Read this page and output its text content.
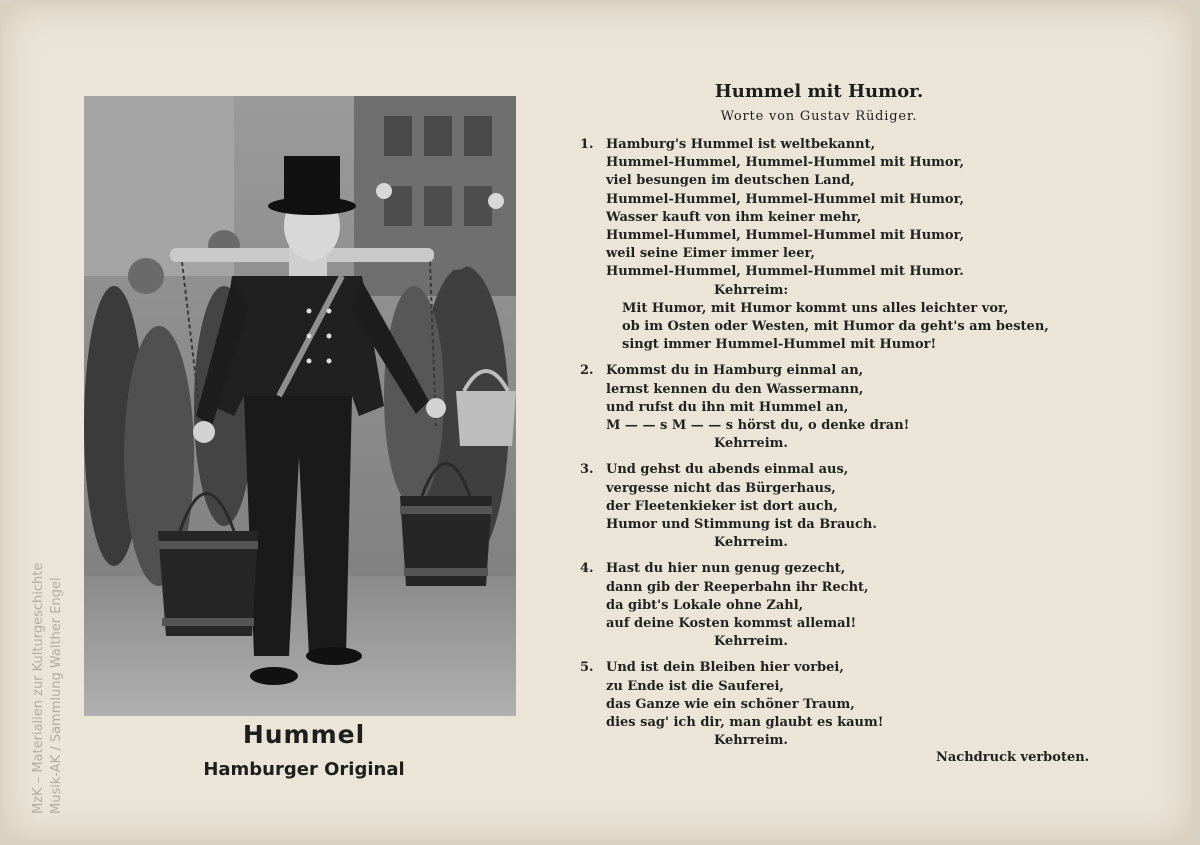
Hummel
Hamburger Original
MzK – Materialien zur Kulturgeschichte Musik-AK / Sammlung Walther Engel
Hummel mit Humor.
Worte von Gustav Rüdiger.
1. Hamburg's Hummel ist weltbekannt,
Hummel-Hummel, Hummel-Hummel mit Humor,
viel besungen im deutschen Land,
Hummel-Hummel, Hummel-Hummel mit Humor,
Wasser kauft von ihm keiner mehr,
Hummel-Hummel, Hummel-Hummel mit Humor,
weil seine Eimer immer leer,
Hummel-Hummel, Hummel-Hummel mit Humor.
Kehrreim:
Mit Humor, mit Humor kommt uns alles leichter vor,
ob im Osten oder Westen, mit Humor da geht's am besten,
singt immer Hummel-Hummel mit Humor!
2. Kommst du in Hamburg einmal an,
lernst kennen du den Wassermann,
und rufst du ihn mit Hummel an,
M — — s M — — s hörst du, o denke dran!
Kehrreim.
3. Und gehst du abends einmal aus,
vergesse nicht das Bürgerhaus,
der Fleetenkieker ist dort auch,
Humor und Stimmung ist da Brauch.
Kehrreim.
4. Hast du hier nun genug gezecht,
dann gib der Reeperbahn ihr Recht,
da gibt's Lokale ohne Zahl,
auf deine Kosten kommst allemal!
Kehrreim.
5. Und ist dein Bleiben hier vorbei,
zu Ende ist die Sauferei,
das Ganze wie ein schöner Traum,
dies sag' ich dir, man glaubt es kaum!
Kehrreim.
Nachdruck verboten.
